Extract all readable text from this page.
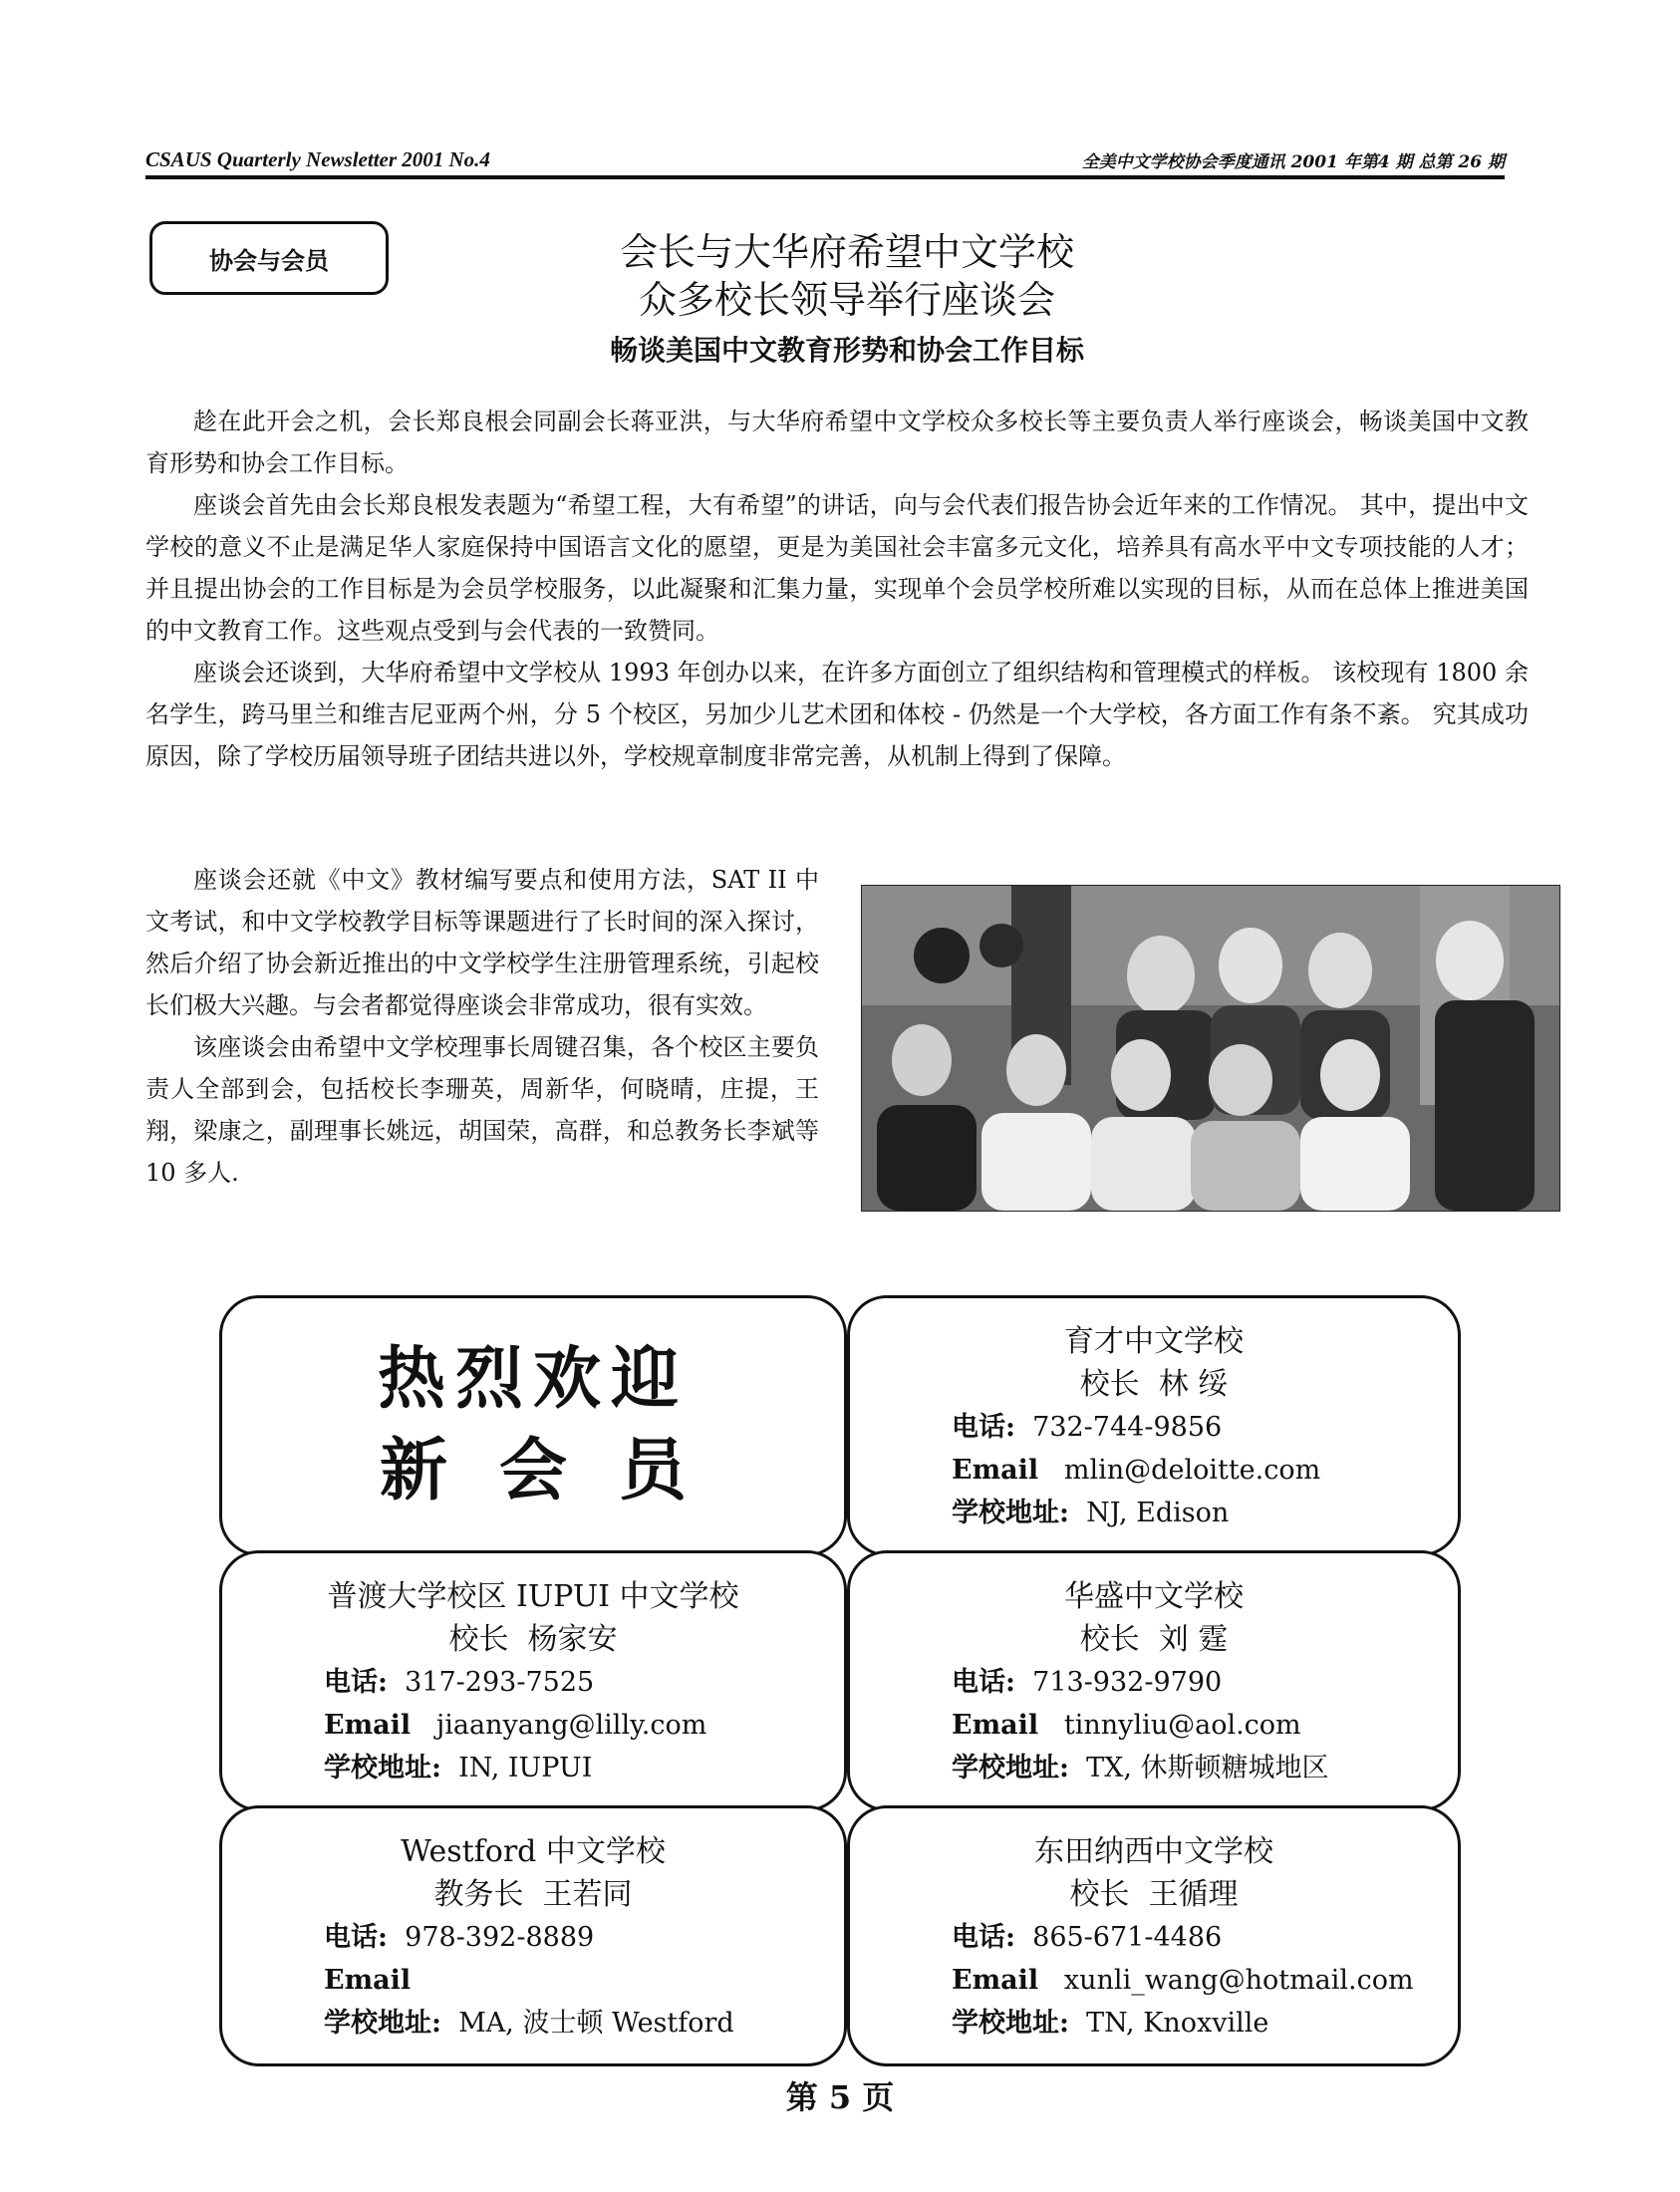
CSAUS Quarterly Newsletter 2001 No.4	全美中文学校协会季度通讯 2001 年第4 期 总第 26 期
协会与会员	会长与大华府希望中文学校
众多校长领导举行座谈会
畅谈美国中文教育形势和协会工作目标

趁在此开会之机，会长郑良根会同副会长蒋亚洪，与大华府希望中文学校众多校长等主要负责人举行座谈会，畅谈美国中文教育形势和协会工作目标。

座谈会首先由会长郑良根发表题为“希望工程，大有希望”的讲话，向与会代表们报告协会近年来的工作情况。 其中，提出中文学校的意义不止是满足华人家庭保持中国语言文化的愿望，更是为美国社会丰富多元文化，培养具有高水平中文专项技能的人才； 并且提出协会的工作目标是为会员学校服务，以此凝聚和汇集力量，实现单个会员学校所难以实现的目标，从而在总体上推进美国的中文教育工作。这些观点受到与会代表的一致赞同。

座谈会还谈到，大华府希望中文学校从 1993 年创办以来，在许多方面创立了组织结构和管理模式的样板。 该校现有 1800 余名学生，跨马里兰和维吉尼亚两个州，分 5 个校区，另加少儿艺术团和体校 - 仍然是一个大学校，各方面工作有条不紊。 究其成功原因，除了学校历届领导班子团结共进以外，学校规章制度非常完善，从机制上得到了保障。

座谈会还就《中文》教材编写要点和使用方法，SAT II 中文考试，和中文学校教学目标等课题进行了长时间的深入探讨，然后介绍了协会新近推出的中文学校学生注册管理系统，引起校长们极大兴趣。与会者都觉得座谈会非常成功，很有实效。

该座谈会由希望中文学校理事长周键召集，各个校区主要负责人全部到会，包括校长李珊英，周新华，何晓晴，庄提，王翔，梁康之，副理事长姚远，胡国荣，高群，和总教务长李斌等 10 多人.

热烈欢迎
新会员
育才中文学校
校长 林 绥
电话: 732-744-9856
Email mlin@deloitte.com
学校地址: NJ, Edison
普渡大学校区 IUPUI 中文学校
校长 杨家安
电话: 317-293-7525
Email jiaanyang@lilly.com
学校地址: IN, IUPUI
华盛中文学校
校长 刘 霆
电话: 713-932-9790
Email tinnyliu@aol.com
学校地址: TX, 休斯顿糖城地区
Westford 中文学校
教务长 王若同
电话: 978-392-8889
Email
学校地址: MA, 波士顿 Westford
东田纳西中文学校
校长 王循理
电话: 865-671-4486
Email xunli_wang@hotmail.com
学校地址: TN, Knoxville
第 5 页
